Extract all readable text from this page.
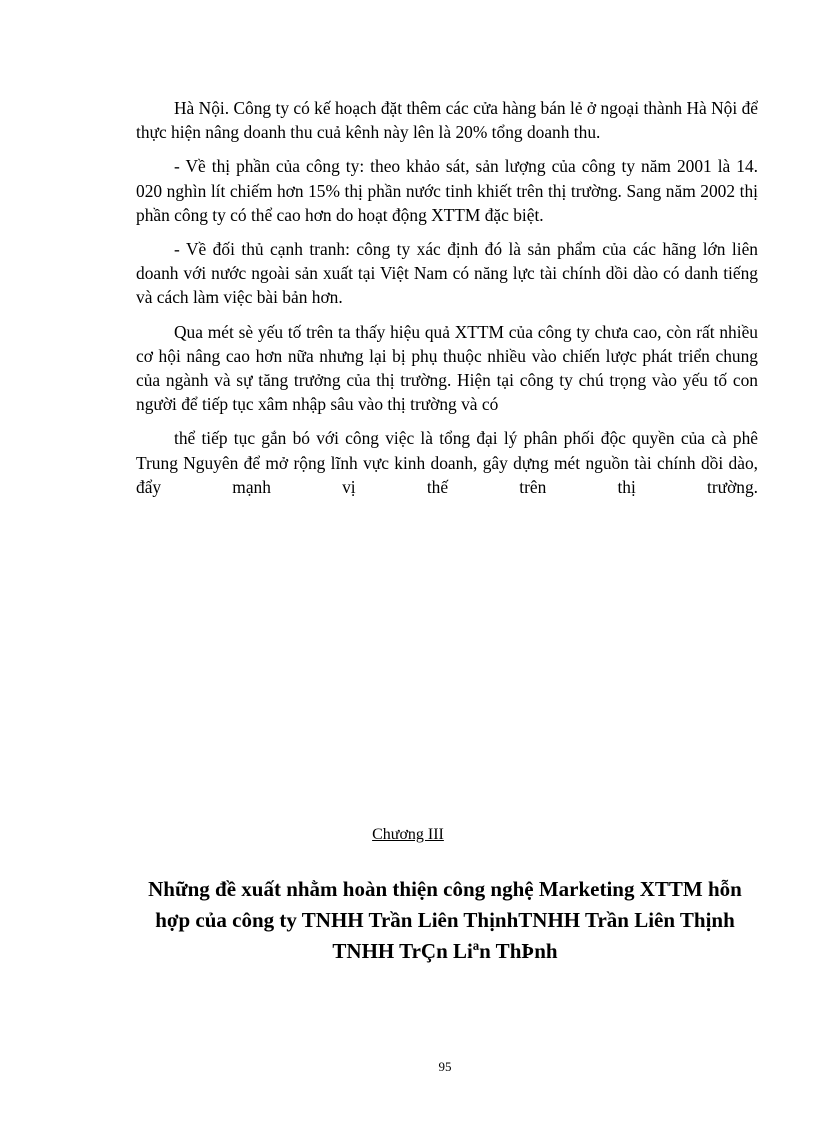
Hà Nội. Công ty có kế hoạch đặt thêm các cửa hàng bán lẻ ở ngoại thành Hà Nội để thực hiện nâng doanh thu cuả kênh này lên là 20% tổng doanh thu.

- Về thị phần của công ty: theo khảo sát, sản lượng của công ty năm 2001 là 14. 020 nghìn lít chiếm hơn 15% thị phần nước tinh khiết trên thị trường. Sang năm 2002 thị phần công ty có thể cao hơn do hoạt động XTTM đặc biệt.

- Về đối thủ cạnh tranh: công ty xác định đó là sản phẩm của các hãng lớn liên doanh với nước ngoài sản xuất tại Việt Nam có năng lực tài chính dồi dào có danh tiếng và cách làm việc bài bản hơn.

Qua mét sè yếu tố trên ta thấy hiệu quả XTTM của công ty chưa cao, còn rất nhiều cơ hội nâng cao hơn nữa nhưng lại bị phụ thuộc nhiều vào chiến lược phát triển chung của ngành và sự tăng trưởng của thị trường. Hiện tại công ty chú trọng vào yếu tố con người để tiếp tục xâm nhập sâu vào thị trường và có

thể tiếp tục gắn bó với công việc là tổng đại lý phân phối độc quyền của cà phê Trung Nguyên để mở rộng lĩnh vực kinh doanh, gây dựng mét nguồn tài chính dồi dào, đẩy mạnh vị thế trên thị trường.

Chương III
Những đề xuất nhằm hoàn thiện công nghệ Marketing XTTM hỗn
hợp của công ty TNHH Trần Liên ThịnhTNHH Trần Liên Thịnh
TNHH TrÇn Liªn ThÞnh
95
